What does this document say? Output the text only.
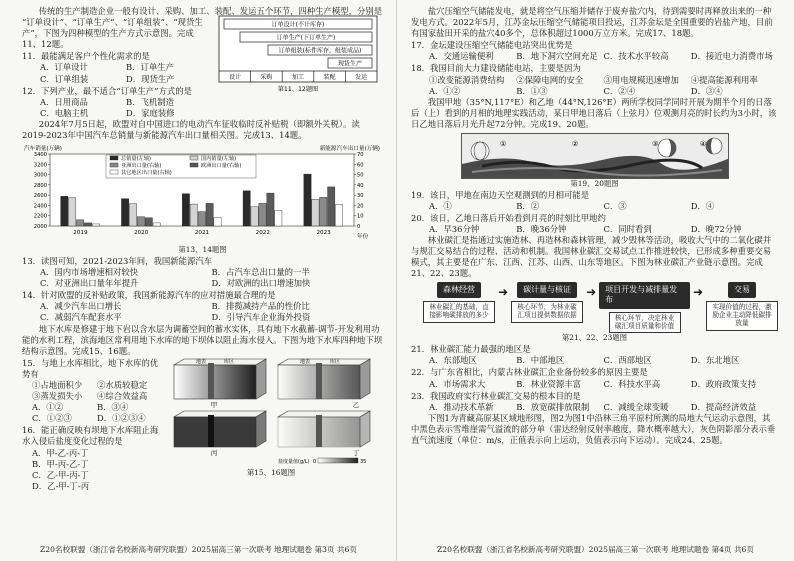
传统的生产制造企业一般有设计、采购、加工、装配、发运五个环节，四种生产模型，分别是

“订单设计”、“订单生产”、“订单组装”、“现货生产”，下图为四种模型的生产方式示意图。完成11、12题。

11．最能满足客户个性化需求的是

A．订单设计	B．订单生产
C．订单组装	D．现货生产

12．下列产业，最不适合“订单生产”方式的是

A．日用商品	B．飞机制造
C．电脑主机	D．家庭装修
订单设计(不计库存)
订单生产(下订单生产)
订单组装(标件库存，组装成品)
现货生产
设计	采购	加工	装配	发运
第11、12题图

2024年7月5日起，欧盟对自中国进口的电动汽车征收临时反补贴税（即额外关税）。读2019-2023年中国汽车总销量与新能源汽车出口量相关图。完成13、14题。

2000
2200
2400
2600
2800
3000
3200
3400
0
10
20
30
40
50
60
70
汽车销量(万辆)	新能源汽车出口量(万辆)
年份
2019	2020	2021	2022	2023
总销量(左轴)	国内销量(左轴)
亚洲出口量(右轴)	欧洲出口量(右轴)
其它地区出口量(右轴)

第13、14题图

13．读图可知，2021-2023年间，我国新能源汽车

A．国内市场增速相对较快	B．占汽车总出口量的一半
C．对亚洲出口量年年提升	D．对欧洲的出口增速加快

14．针对欧盟的反补贴政策，我国新能源汽车的应对措施最合理的是

A．减少汽车出口增长	B．排揽减持产品的性价比
C．减弱汽车配套水平	D．引导汽车企业海外投资

地下水库是修建于地下岩以含水层为调蓄空间的蓄水实体，具有地下水截蓄-调节-开发利用功能的水利工程，滨海地区常利用地下水库的地下坝体以阻止海水侵入。下图为地下水库四种地下坝结构示意图。完成15、16题。

15．与地上水库相比，地下水库的优势有

①占地面积少	②水质较稳定
③蒸发损失小	④综合效益高
A．①②	B．③④
C．①②③	D．①②③④

16．能正确反映有坝地下水库阻止海水入侵后盐度变化过程的是

A．甲-乙-丙-丁

B．甲-丙-乙-丁

C．乙-甲-丙-丁

D．乙-甲-丁-丙

地表	库区
甲
地表	库区
乙
丙	丁
盐度量值(g/L) 0	35

第15、16题图

Z20名校联盟（浙江省名校新高考研究联盟）2025届高三第一次联考 地理试题卷 第3页 共6页

盐穴压缩空气储能发电，就是将空气压缩并储存于废弃盐穴内，待到需要时再释放出来的一种发电方式。2022年5月，江苏金坛压缩空气储能项目投运，江苏金坛是全国重要的岩盐产地，目前有国家盐田开采的盐穴40多个，总体积超过1000万立方米。完成17、18题。

17．金坛建设压缩空气储能电站突出优势是

A．交通运输便利	B．地下洞穴空间充足 C．技术水平较高	D．接近电力消费市场

18．我国目前大力建设储能电站，主要是因为

①改变能源消费结构	②保障电网的安全	③用电规模迅速增加	④提高能源利用率
A．①②	B．①③	C．②④	D．③④

我国甲地（35°N,117°E）和乙地（44°N,126°E）两所学校同学同时开展为期半个月的日落后（上）看到的月相的地理实践活动，某日甲地日落后（上弦月）位观测月亮的时长约为3小时，该日乙地日落后月光升起72分钟。完成19、20题。

①	②	③	④

第19、20题图

19．该日，甲地在南边天空观测到的月相可能是

A．①	B．②	C．③	D．④

20．该日，乙地日落后开始看到月亮的时刻比甲地约

A．早36分钟	B．晚36分钟	C．同时看到	D．晚72分钟

林业碳汇是指通过实施造林、再造林和森林管理，减少毁林等活动，吸收大气中的二氧化碳并与规汇交易结合的过程、活动和机制。我国林业碳汇交易试点工作推进较快，已形成多种重要交易模式，其主要是在广东、江西、江苏、山西、山东等地区。下图为林业碳汇产业链示意图。完成21、22、23题。

森林经营
林业碳汇的基础，直接影响碳排放的多少
➜	碳计量与核证
核心环节，为林业碳汇项目提供数据依据
➜	项目开发与减排量发布
核心环节，决定林业碳汇项目质量和价值
➜	交易
实现价值的过程，激励企业主动降低碳排放量

第21、22、23题图

21．林业碳汇能力最强的地区是

A．东部地区	B．中部地区	C．西部地区	D．东北地区

22．与广东省相比，内蒙古林业碳汇企业备份较多的原因主要是

A．市场需求大	B．林业资源丰富	C．科技水平高	D．政府政策支持

23．我国政府实行林业碳汇交易的根本目的是

A．推动技术革新	B．放宽碳排放限制	C．减缓全球变暖	D．提高经济效益

下图1为青藏高原某区域地形图，图2为图1中沿林三角平原村所测的局地大气运动示意图，其中黑色表示雪堆崖需气溢流的部分单（雷达经射反射率越度，降水概率越大），灰色阴影部分表示垂直气流速度（单位：m/s，正值表示向上运动，负值表示向下运动）。完成24、25题。

Z20名校联盟（浙江省名校新高考研究联盟）2025届高三第一次联考 地理试题卷 第4页 共6页
